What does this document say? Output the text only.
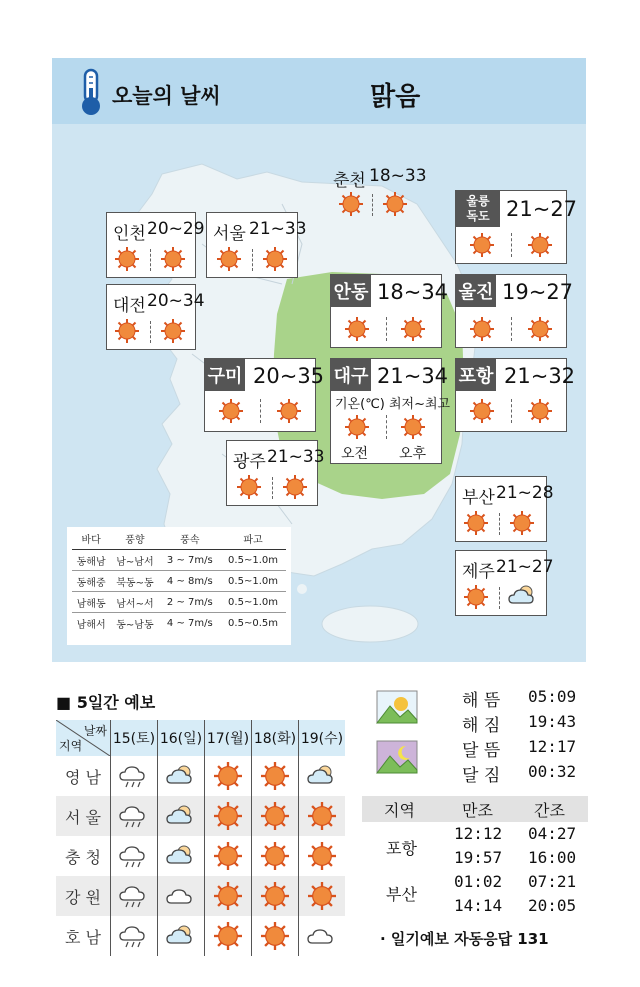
오늘의 날씨	맑음
춘천 18~33
울릉
독도 21~27
인천 20~29 서울 21~33
대전 20~34	안동 18~34 울진 19~27
구미 20~35 대구 21~34
기온(℃) 최저~최고
오전 오후
포항 21~32
광주 21~33
부산 21~28
제주 21~27
바다	풍향	풍속	파고
동해남	남~남서	3 ~ 7m/s	0.5~1.0m
동해중	북동~동	4 ~ 8m/s	0.5~1.0m
남해동	남서~서	2 ~ 7m/s	0.5~1.0m
남해서	동~남동	4 ~ 7m/s	0.5~0.5m
■ 5일간 예보
날짜
지역	15(토)	16(일)	17(월)	18(화)	19(수)
영 남					
서 울					
충 청					
강 원					
호 남					
해 뜸 05:09
해 짐 19:43
달 뜸 12:17
달 짐 00:32
지역	만조	간조
포항
12:12 04:27
19:57 16:00
부산
01:02 07:21
14:14 20:05
· 일기예보 자동응답 131
